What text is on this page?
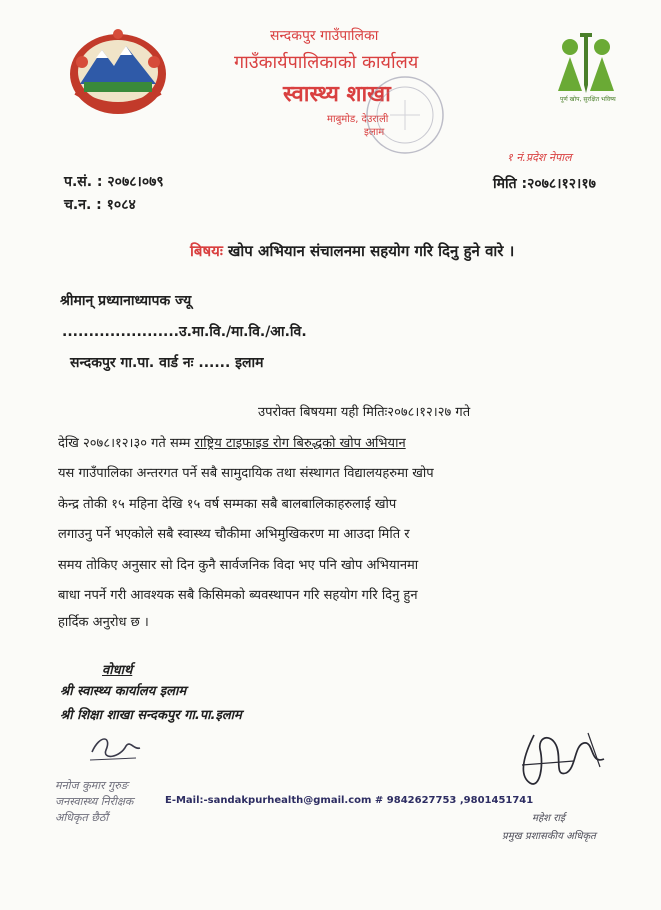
सन्दकपुर गाउँपालिका
गाउँकार्यपालिकाको कार्यालय
स्वास्थ्य शाखा
माबुमोड, देउराली
इलाम
पूर्ण खोप, सुरक्षित भविष्य
प.सं. : २०७८।०७९
च.न. : १०८४
१ नं.प्रदेश नेपाल
मिति :२०७८।१२।१७
बिषयः खोप अभियान संचालनमा सहयोग गरि दिनु हुने वारे ।
श्रीमान् प्रध्यानाध्यापक ज्यू
......................उ.मा.वि./मा.वि./आ.वि.
सन्दकपुर गा.पा. वार्ड नः ...... इलाम
उपरोक्त बिषयमा यही मितिः२०७८।१२।२७ गते
देखि २०७८।१२।३० गते सम्म राष्ट्रिय टाइफाइड रोग बिरुद्धको खोप अभियान
यस गाउँपालिका अन्तरगत पर्ने सबै सामुदायिक तथा संस्थागत विद्यालयहरुमा खोप
केन्द्र तोकी १५ महिना देखि १५ वर्ष सम्मका सबै बालबालिकाहरुलाई खोप
लगाउनु पर्ने भएकोले सबै स्वास्थ्य चौकीमा अभिमुखिकरण मा आउदा मिति र
समय तोकिए अनुसार सो दिन कुनै सार्वजनिक विदा भए पनि खोप अभियानमा
बाधा नपर्ने गरी आवश्यक सबै किसिमको ब्यवस्थापन गरि सहयोग गरि दिनु हुन
हार्दिक अनुरोध छ ।
वोधार्थ
श्री स्वास्थ्य कार्यालय इलाम
श्री शिक्षा शाखा सन्दकपुर गा.पा.इलाम
मनोज कुमार गुरुङ
जनस्वास्थ्य निरीक्षक
अधिकृत छैठौं
E-Mail:-sandakpurhealth@gmail.com # 9842627753 ,9801451741
महेश राई
प्रमुख प्रशासकीय अधिकृत
